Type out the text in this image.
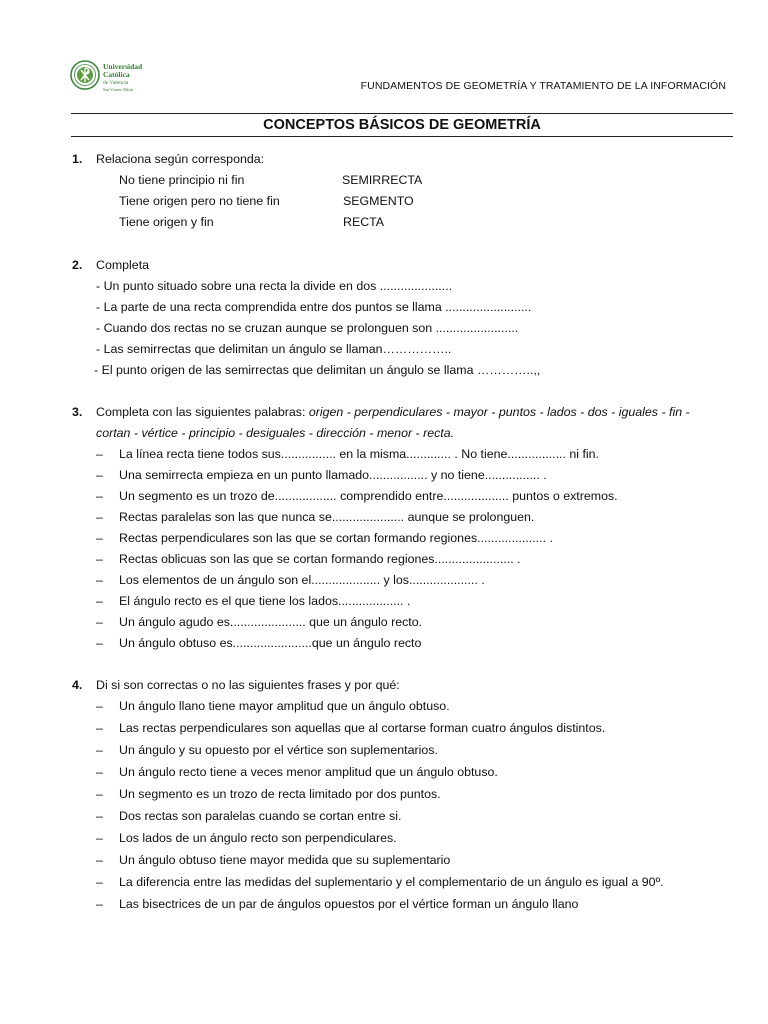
Universidad
Católica
de Valencia
San Vicente Mártir	FUNDAMENTOS DE GEOMETRÍA Y TRATAMIENTO DE LA INFORMACIÓN
CONCEPTOS BÁSICOS DE GEOMETRÍA
1. Relaciona según corresponda:
No tiene principio ni fin	SEMIRRECTA
Tiene origen pero no tiene fin	SEGMENTO
Tiene origen y fin	RECTA
2. Completa
- Un punto situado sobre una recta la divide en dos .....................
- La parte de una recta comprendida entre dos puntos se llama .........................
- Cuando dos rectas no se cruzan aunque se prolonguen son ........................
- Las semirrectas que delimitan un ángulo se llaman……………..
- El punto origen de las semirrectas que delimitan un ángulo se llama …………..,,
3. Completa con las siguientes palabras: origen - perpendiculares - mayor - puntos - lados - dos - iguales - fin -
cortan - vértice - principio - desiguales - dirección - menor - recta.
– La línea recta tiene todos sus................ en la misma............. . No tiene................. ni fin.
– Una semirrecta empieza en un punto llamado................. y no tiene................ .
– Un segmento es un trozo de.................. comprendido entre................... puntos o extremos.
– Rectas paralelas son las que nunca se..................... aunque se prolonguen.
– Rectas perpendiculares son las que se cortan formando regiones.................... .
– Rectas oblicuas son las que se cortan formando regiones....................... .
– Los elementos de un ángulo son el.................... y los.................... .
– El ángulo recto es el que tiene los lados................... .
– Un ángulo agudo es...................... que un ángulo recto.
– Un ángulo obtuso es.......................que un ángulo recto
4. Di si son correctas o no las siguientes frases y por qué:
– Un ángulo llano tiene mayor amplitud que un ángulo obtuso.
– Las rectas perpendiculares son aquellas que al cortarse forman cuatro ángulos distintos.
– Un ángulo y su opuesto por el vértice son suplementarios.
– Un ángulo recto tiene a veces menor amplitud que un ángulo obtuso.
– Un segmento es un trozo de recta limitado por dos puntos.
– Dos rectas son paralelas cuando se cortan entre si.
– Los lados de un ángulo recto son perpendiculares.
– Un ángulo obtuso tiene mayor medida que su suplementario
– La diferencia entre las medidas del suplementario y el complementario de un ángulo es igual a 90º.
– Las bisectrices de un par de ángulos opuestos por el vértice forman un ángulo llano
